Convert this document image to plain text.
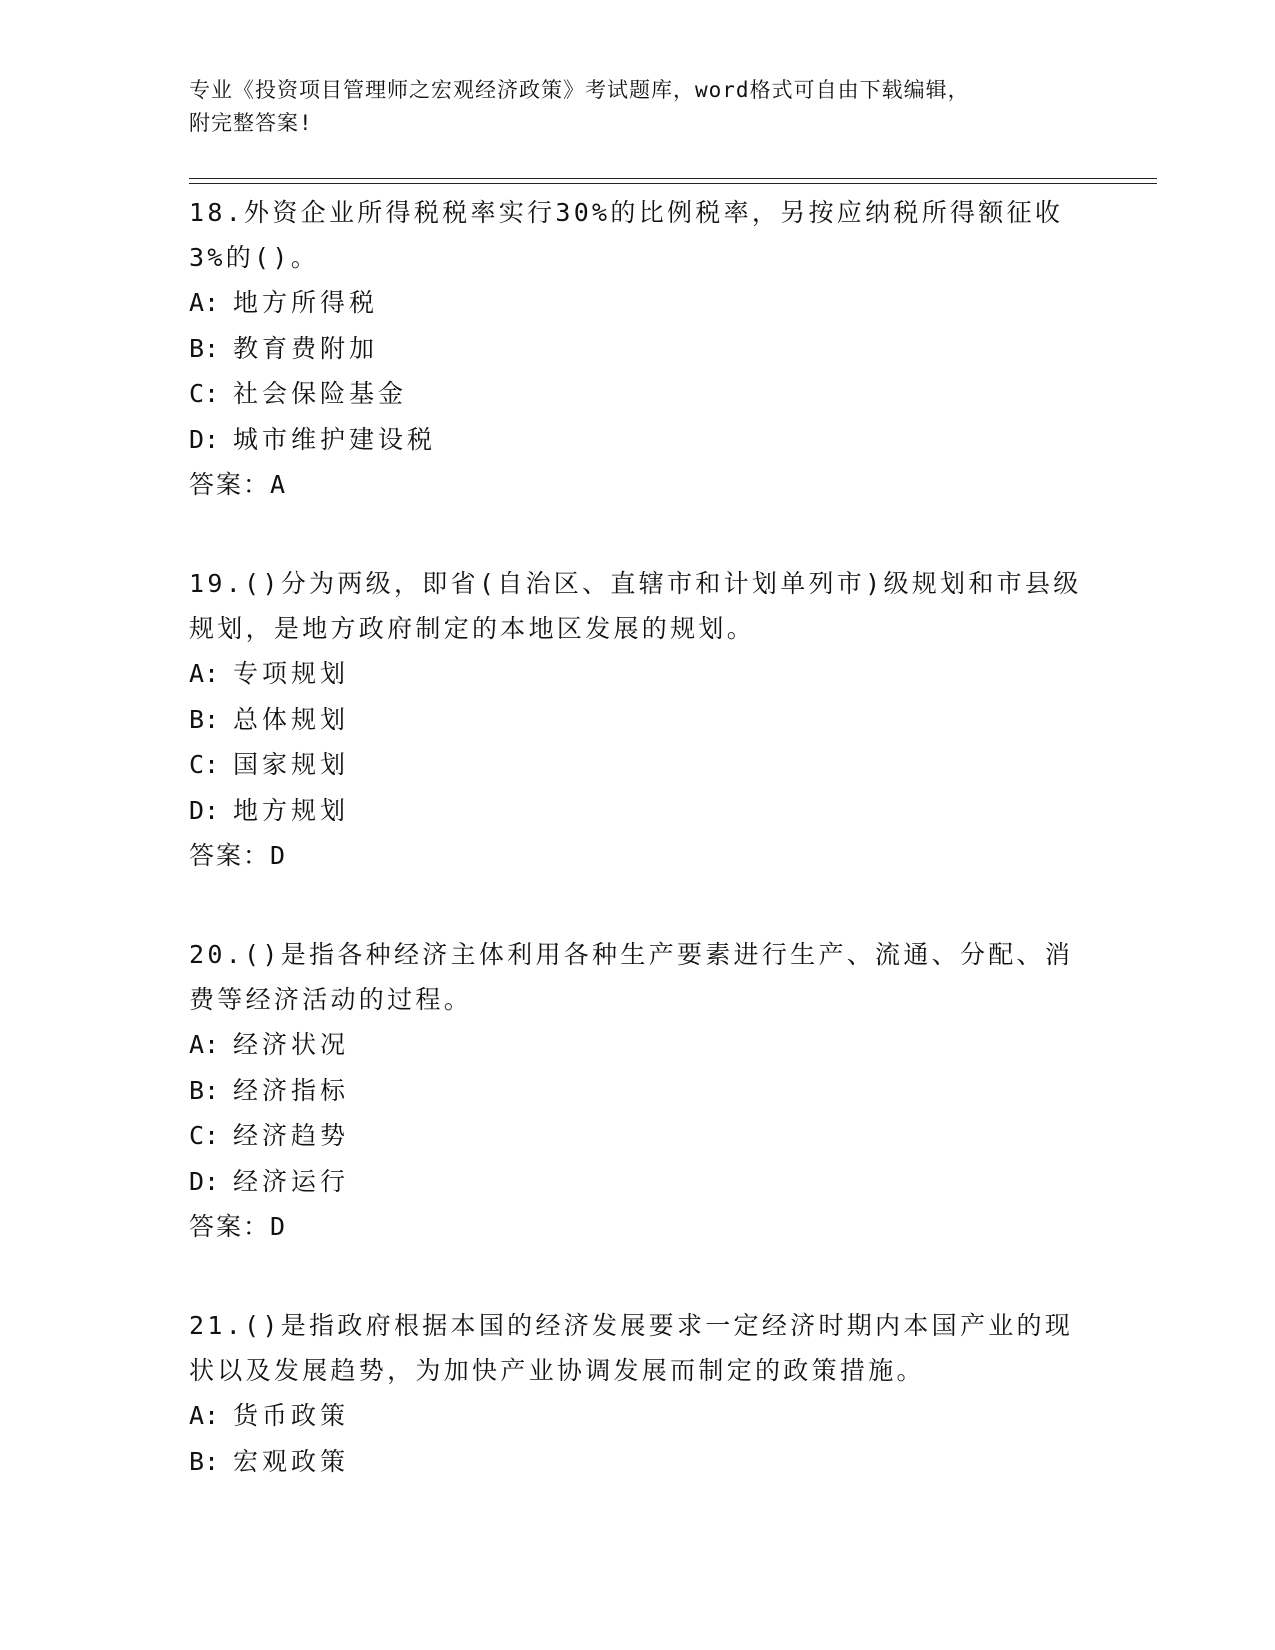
专业《投资项目管理师之宏观经济政策》考试题库，word格式可自由下载编辑，
附完整答案!

18.外资企业所得税税率实行30%的比例税率，另按应纳税所得额征收3%的()。

A: 地方所得税

B: 教育费附加

C: 社会保险基金

D: 城市维护建设税

答案：A

19.()分为两级，即省(自治区、直辖市和计划单列市)级规划和市县级规划，是地方政府制定的本地区发展的规划。

A: 专项规划

B: 总体规划

C: 国家规划

D: 地方规划

答案：D

20.()是指各种经济主体利用各种生产要素进行生产、流通、分配、消费等经济活动的过程。

A: 经济状况

B: 经济指标

C: 经济趋势

D: 经济运行

答案：D

21.()是指政府根据本国的经济发展要求一定经济时期内本国产业的现状以及发展趋势，为加快产业协调发展而制定的政策措施。

A: 货币政策

B: 宏观政策
